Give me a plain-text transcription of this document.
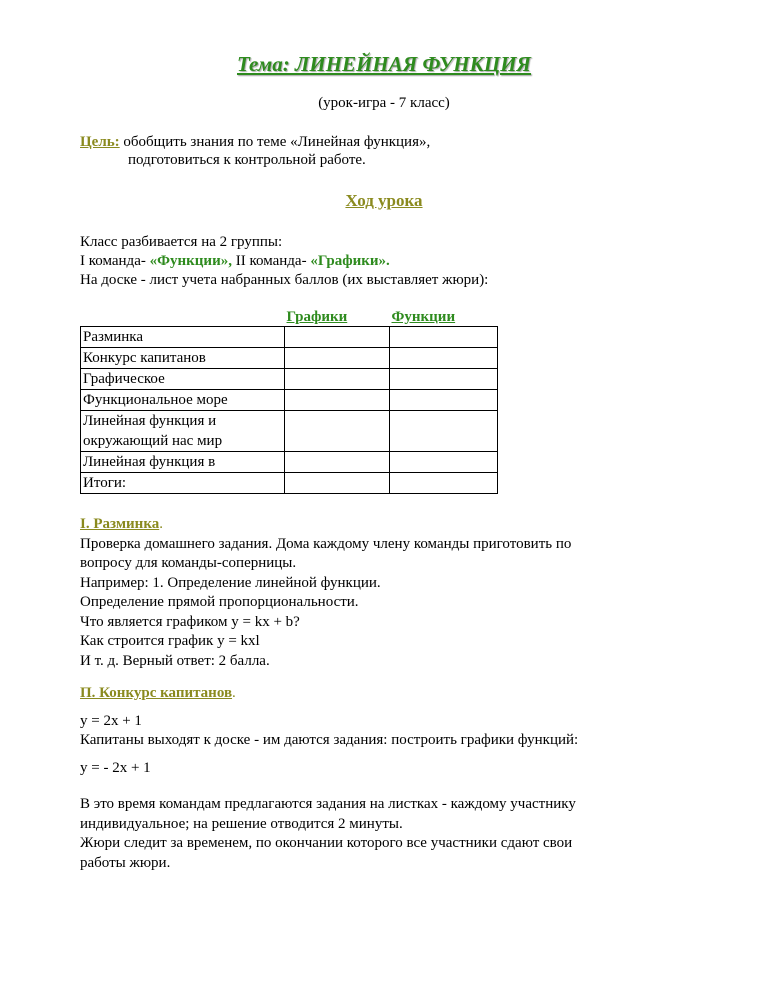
Тема: ЛИНЕЙНАЯ ФУНКЦИЯ
(урок-игра - 7 класс)
Цель: обобщить знания по теме «Линейная функция»,
подготовиться к контрольной работе.
Ход урока
Класс разбивается на 2 группы:
I команда- «Функции», II команда- «Графики».
На доске - лист учета набранных баллов (их выставляет жюри):
	Графики	Функции
Разминка		
Конкурс капитанов		
Графическое		
Функциональное море		
Линейная функция и окружающий нас мир		
Линейная функция в		
Итоги:		
I. Разминка.
Проверка домашнего задания. Дома каждому члену команды приготовить по
вопросу для команды-соперницы.
Например: 1. Определение линейной функции.
Определение прямой пропорциональности.
Что является графиком y = kx + b?
Как строится график y = kxl
И т. д. Верный ответ: 2 балла.
П. Конкурс капитанов.
y = 2x + 1
Капитаны выходят к доске - им даются задания: построить графики функций:
y = - 2x + 1
В это время командам предлагаются задания на листках - каждому участнику
индивидуальное; на решение отводится 2 минуты.
Жюри следит за временем, по окончании которого все участники сдают свои
работы жюри.
